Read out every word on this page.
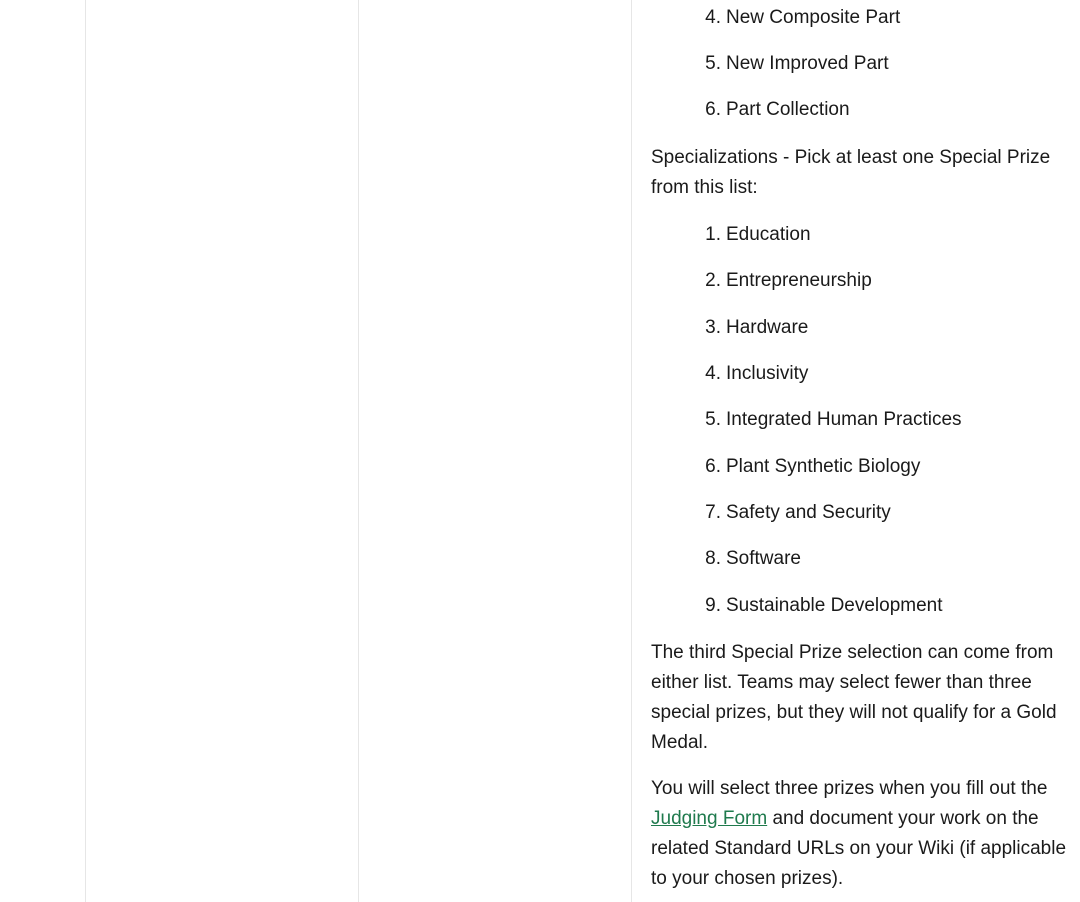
4. New Composite Part
5. New Improved Part
6. Part Collection
Specializations - Pick at least one Special Prize from this list:
1. Education
2. Entrepreneurship
3. Hardware
4. Inclusivity
5. Integrated Human Practices
6. Plant Synthetic Biology
7. Safety and Security
8. Software
9. Sustainable Development
The third Special Prize selection can come from either list. Teams may select fewer than three special prizes, but they will not qualify for a Gold Medal.
You will select three prizes when you fill out the Judging Form and document your work on the related Standard URLs on your Wiki (if applicable to your chosen prizes).
